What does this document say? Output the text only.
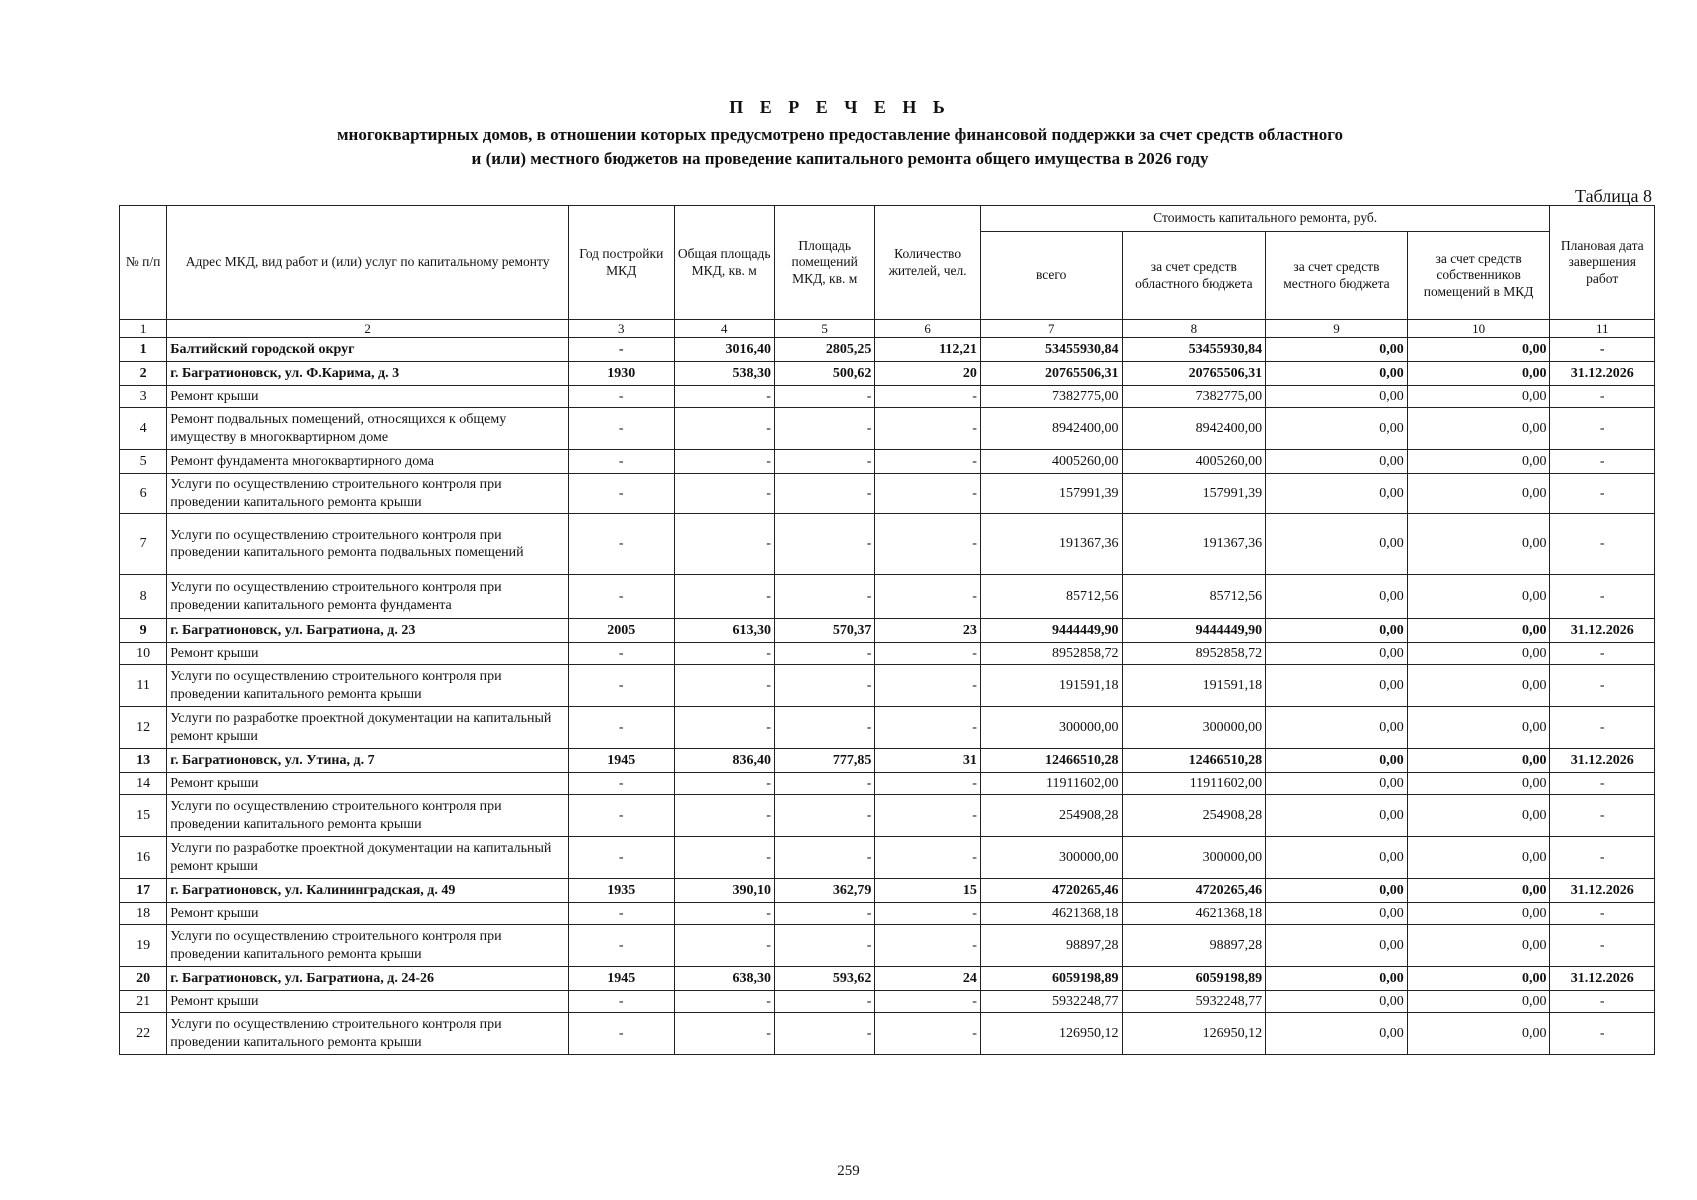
П Е Р Е Ч Е Н Ь
многоквартирных домов, в отношении которых предусмотрено предоставление финансовой поддержки за счет средств областного
и (или) местного бюджетов на проведение капитального ремонта общего имущества в 2026 году
Таблица 8
№ п/п	Адрес МКД, вид работ и (или) услуг по капитальному ремонту	Год постройки МКД	Общая площадь МКД, кв. м	Площадь помещений МКД, кв. м	Количество жителей, чел.	Стоимость капитального ремонта, руб.				Плановая дата завершения работ
						всего	за счет средств областного бюджета	за счет средств местного бюджета	за счет средств собственников помещений в МКД	
1	2	3	4	5	6	7	8	9	10	11
1	Балтийский городской округ	-	3016,40	2805,25	112,21	53455930,84	53455930,84	0,00	0,00	-
2	г. Багратионовск, ул. Ф.Карима, д. 3	1930	538,30	500,62	20	20765506,31	20765506,31	0,00	0,00	31.12.2026
3	Ремонт крыши	-	-	-	-	7382775,00	7382775,00	0,00	0,00	-
4	Ремонт подвальных помещений, относящихся к общему имуществу в многоквартирном доме	-	-	-	-	8942400,00	8942400,00	0,00	0,00	-
5	Ремонт фундамента многоквартирного дома	-	-	-	-	4005260,00	4005260,00	0,00	0,00	-
6	Услуги по осуществлению строительного контроля при проведении капитального ремонта крыши	-	-	-	-	157991,39	157991,39	0,00	0,00	-
7	Услуги по осуществлению строительного контроля при проведении капитального ремонта подвальных помещений	-	-	-	-	191367,36	191367,36	0,00	0,00	-
8	Услуги по осуществлению строительного контроля при проведении капитального ремонта фундамента	-	-	-	-	85712,56	85712,56	0,00	0,00	-
9	г. Багратионовск, ул. Багратиона, д. 23	2005	613,30	570,37	23	9444449,90	9444449,90	0,00	0,00	31.12.2026
10	Ремонт крыши	-	-	-	-	8952858,72	8952858,72	0,00	0,00	-
11	Услуги по осуществлению строительного контроля при проведении капитального ремонта крыши	-	-	-	-	191591,18	191591,18	0,00	0,00	-
12	Услуги по разработке проектной документации на капитальный ремонт крыши	-	-	-	-	300000,00	300000,00	0,00	0,00	-
13	г. Багратионовск, ул. Утина, д. 7	1945	836,40	777,85	31	12466510,28	12466510,28	0,00	0,00	31.12.2026
14	Ремонт крыши	-	-	-	-	11911602,00	11911602,00	0,00	0,00	-
15	Услуги по осуществлению строительного контроля при проведении капитального ремонта крыши	-	-	-	-	254908,28	254908,28	0,00	0,00	-
16	Услуги по разработке проектной документации на капитальный ремонт крыши	-	-	-	-	300000,00	300000,00	0,00	0,00	-
17	г. Багратионовск, ул. Калининградская, д. 49	1935	390,10	362,79	15	4720265,46	4720265,46	0,00	0,00	31.12.2026
18	Ремонт крыши	-	-	-	-	4621368,18	4621368,18	0,00	0,00	-
19	Услуги по осуществлению строительного контроля при проведении капитального ремонта крыши	-	-	-	-	98897,28	98897,28	0,00	0,00	-
20	г. Багратионовск, ул. Багратиона, д. 24-26	1945	638,30	593,62	24	6059198,89	6059198,89	0,00	0,00	31.12.2026
21	Ремонт крыши	-	-	-	-	5932248,77	5932248,77	0,00	0,00	-
22	Услуги по осуществлению строительного контроля при проведении капитального ремонта крыши	-	-	-	-	126950,12	126950,12	0,00	0,00	-
259
